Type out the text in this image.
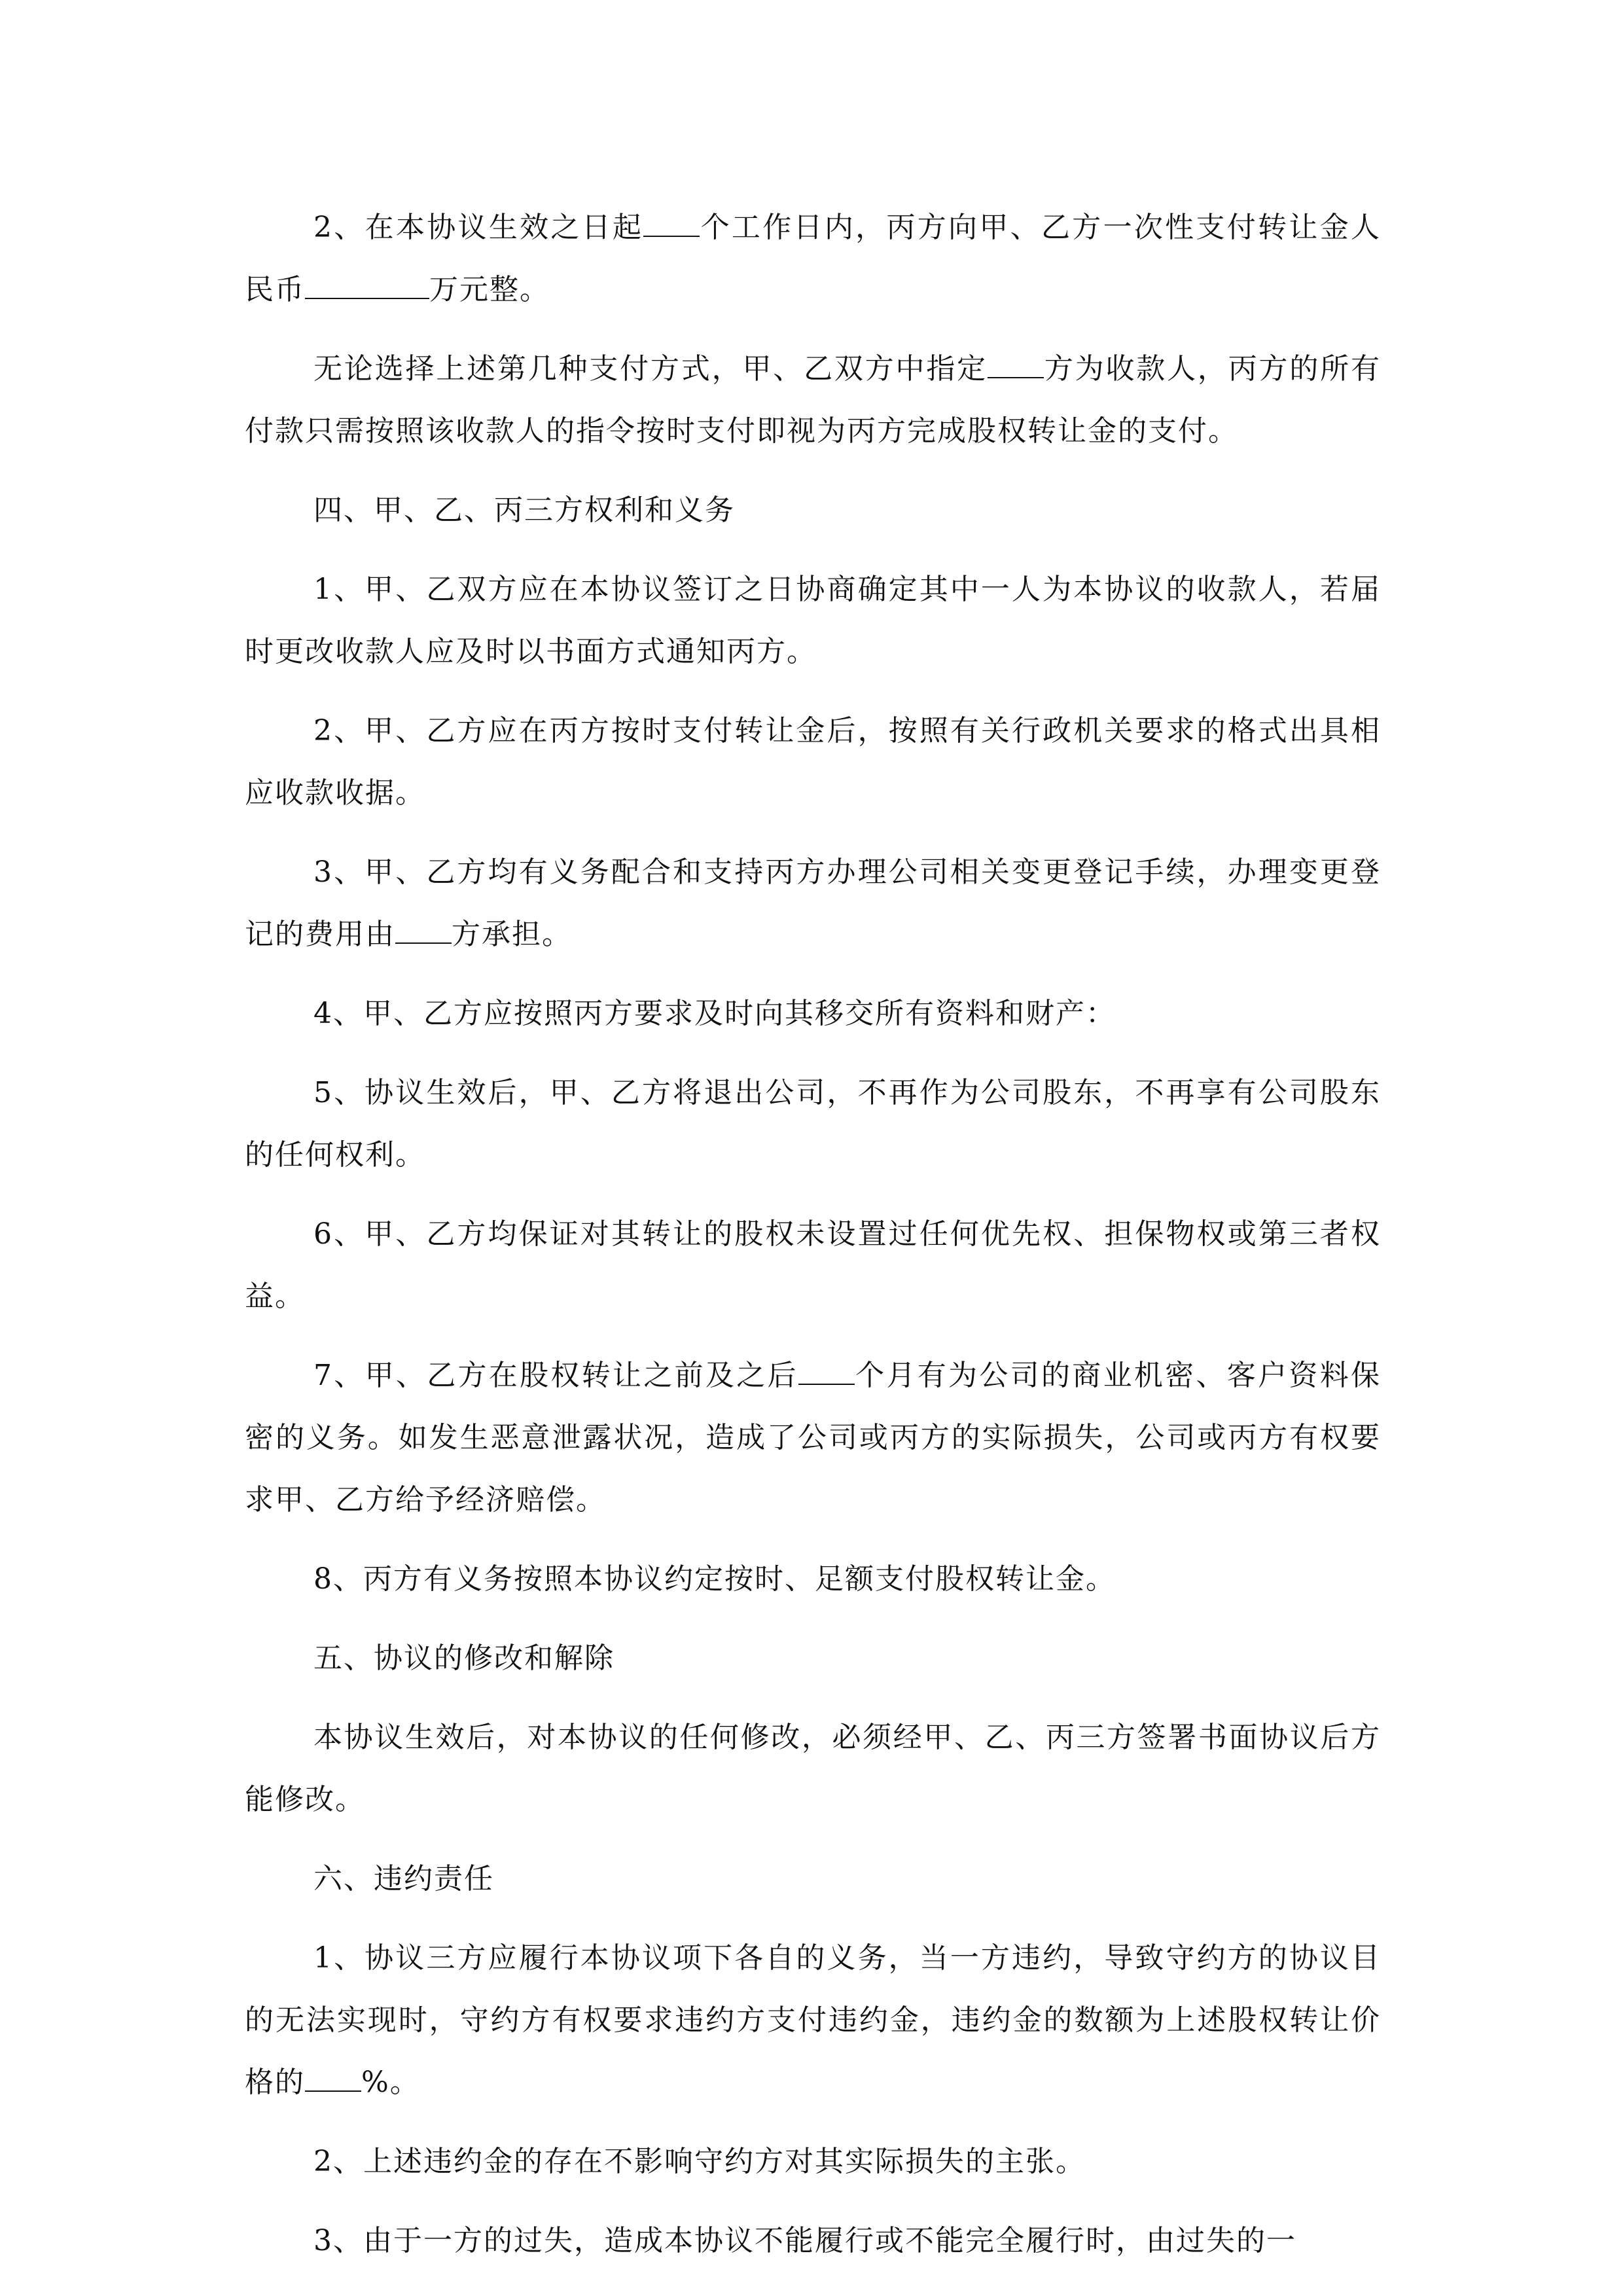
2、在本协议生效之日起 个工作日内，丙方向甲、乙方一次性支付转让金人民币	万元整。

无论选择上述第几种支付方式，甲、乙双方中指定 方为收款人，丙方的所有付款只需按照该收款人的指令按时支付即视为丙方完成股权转让金的支付。

四、甲、乙、丙三方权利和义务

1、甲、乙双方应在本协议签订之日协商确定其中一人为本协议的收款人，若届时更改收款人应及时以书面方式通知丙方。

2、甲、乙方应在丙方按时支付转让金后，按照有关行政机关要求的格式出具相应收款收据。

3、甲、乙方均有义务配合和支持丙方办理公司相关变更登记手续，办理变更登记的费用由 方承担。

4、甲、乙方应按照丙方要求及时向其移交所有资料和财产：

5、协议生效后，甲、乙方将退出公司，不再作为公司股东，不再享有公司股东的任何权利。

6、甲、乙方均保证对其转让的股权未设置过任何优先权、担保物权或第三者权益。

7、甲、乙方在股权转让之前及之后 个月有为公司的商业机密、客户资料保密的义务。如发生恶意泄露状况，造成了公司或丙方的实际损失，公司或丙方有权要求甲、乙方给予经济赔偿。

8、丙方有义务按照本协议约定按时、足额支付股权转让金。

五、协议的修改和解除

本协议生效后，对本协议的任何修改，必须经甲、乙、丙三方签署书面协议后方能修改。

六、违约责任

1、协议三方应履行本协议项下各自的义务，当一方违约，导致守约方的协议目的无法实现时，守约方有权要求违约方支付违约金，违约金的数额为上述股权转让价格的 %。

2、上述违约金的存在不影响守约方对其实际损失的主张。

3、由于一方的过失，造成本协议不能履行或不能完全履行时，由过失的一
